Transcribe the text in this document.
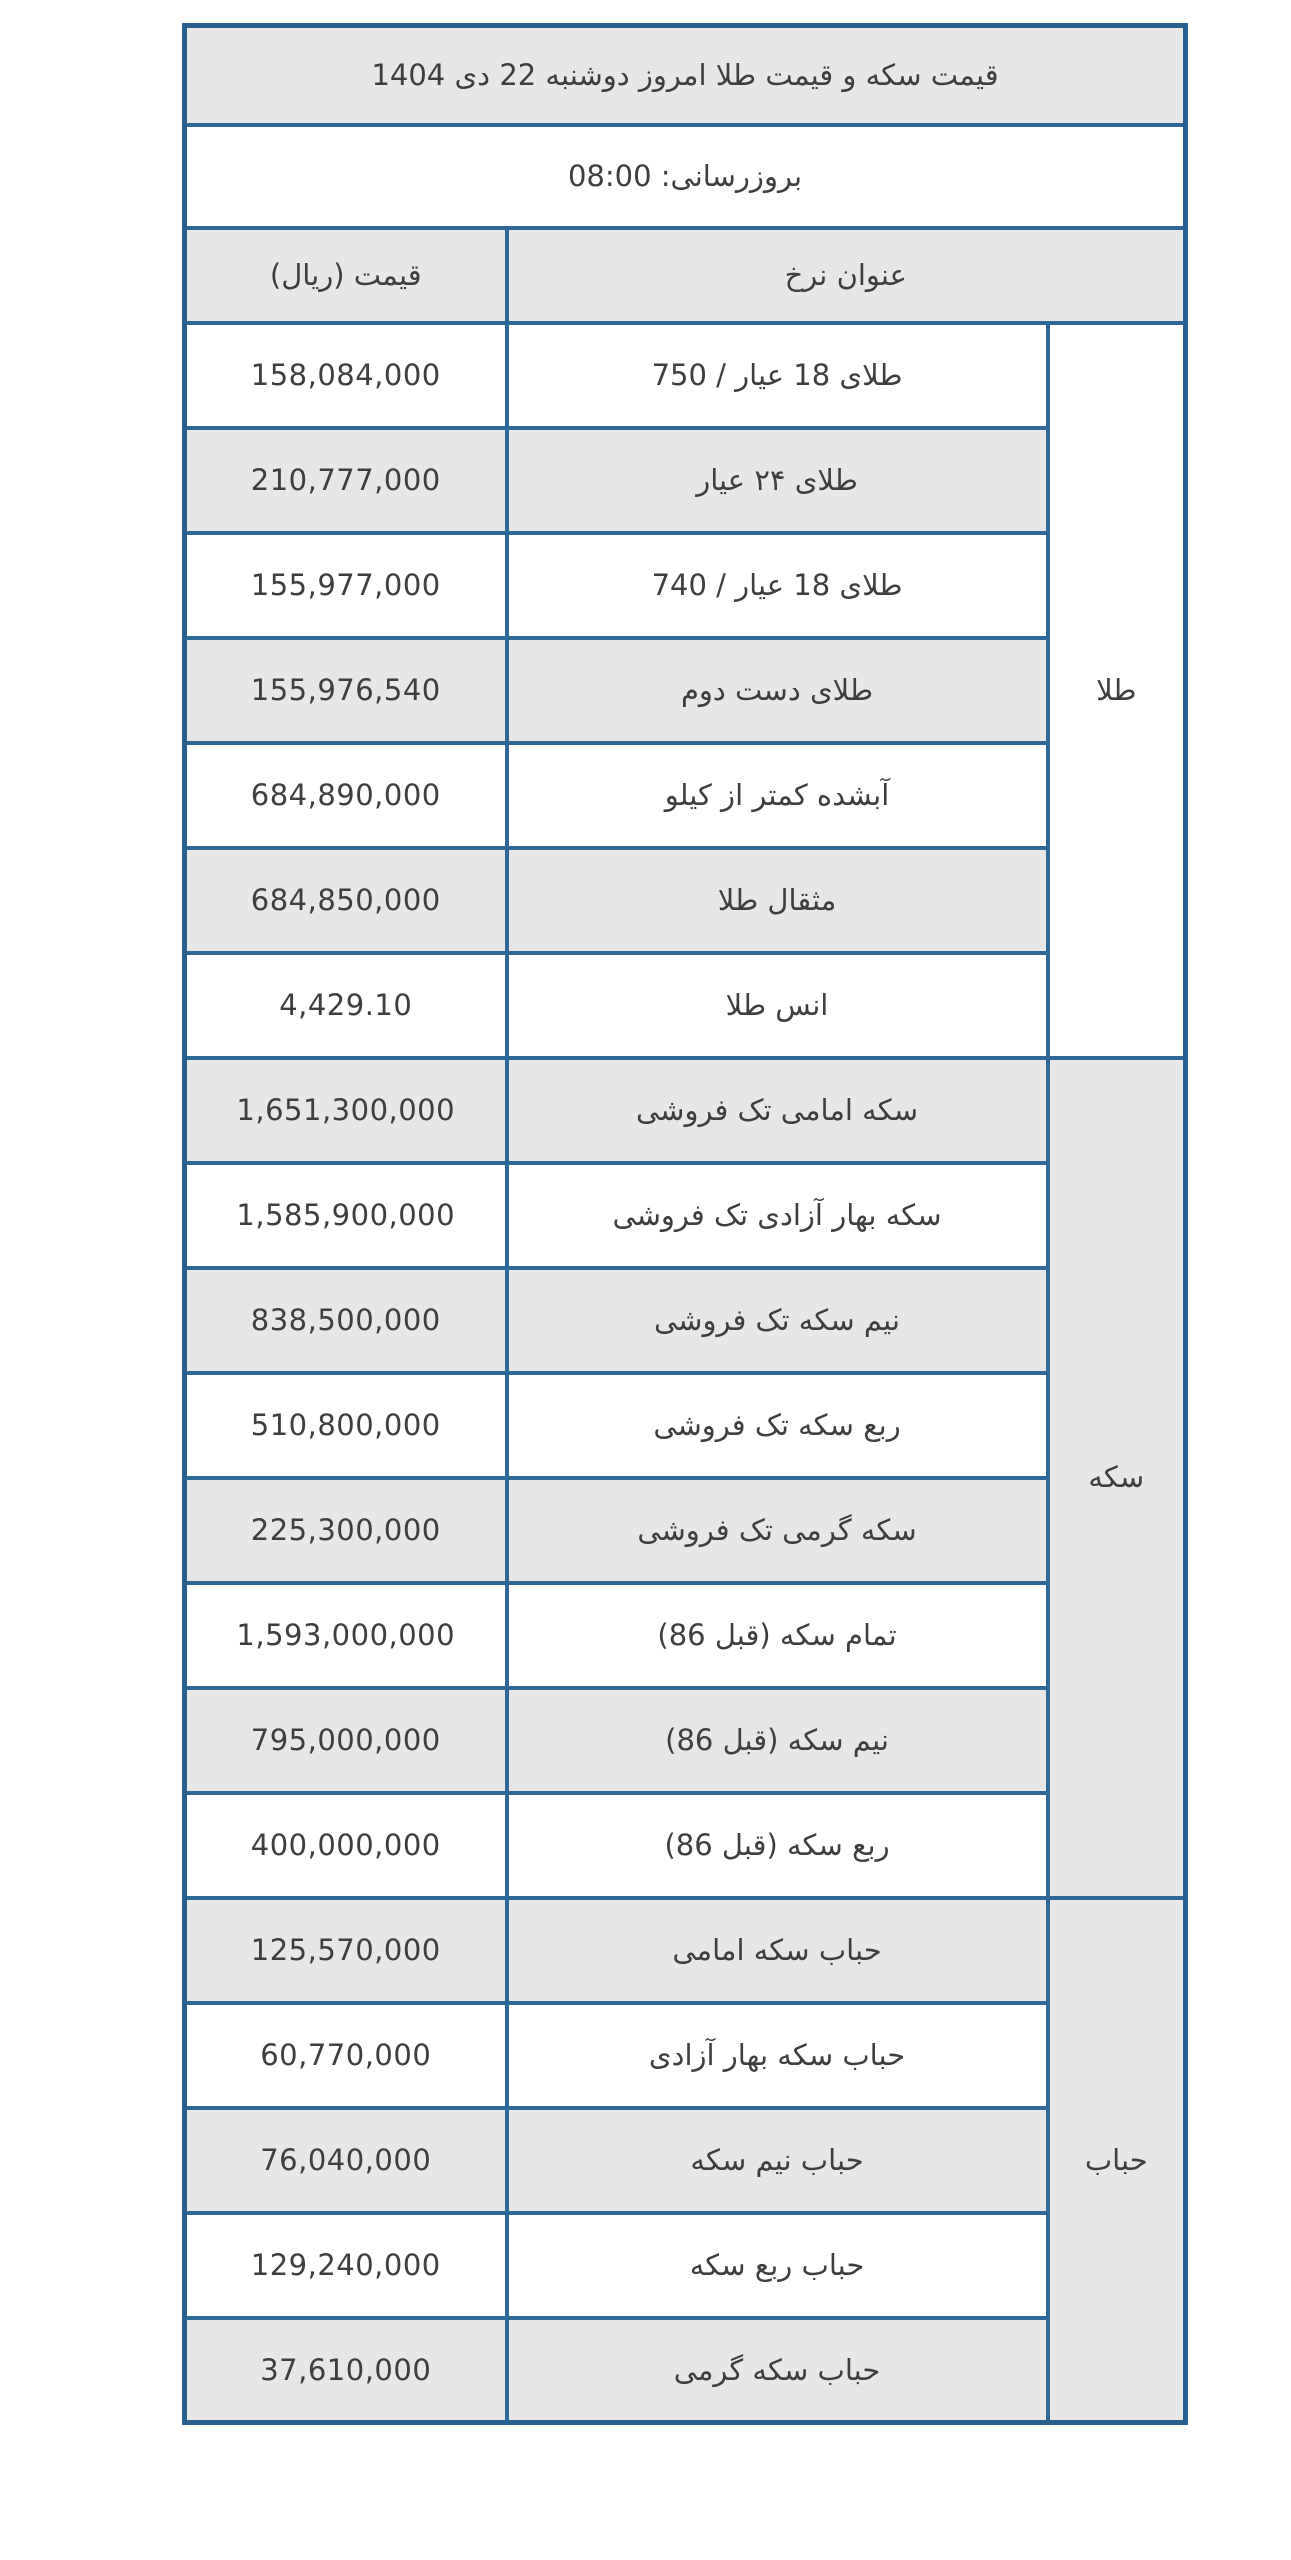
قیمت سکه و قیمت طلا امروز دوشنبه 22 دی 1404		
بروزرسانی: 08:00		
عنوان نرخ		قیمت (ریال)
طلا	طلای 18 عیار / 750	158,084,000
	طلای ۲۴ عیار	210,777,000
	طلای 18 عیار / 740	155,977,000
	طلای دست دوم	155,976,540
	آبشده کمتر از کیلو	684,890,000
	مثقال طلا	684,850,000
	انس طلا	4,429.10
سکه	سکه امامی تک فروشی	1,651,300,000
	سکه بهار آزادی تک فروشی	1,585,900,000
	نیم سکه تک فروشی	838,500,000
	ربع سکه تک فروشی	510,800,000
	سکه گرمی تک فروشی	225,300,000
	تمام سکه (قبل 86)	1,593,000,000
	نیم سکه (قبل 86)	795,000,000
	ربع سکه (قبل 86)	400,000,000
حباب	حباب سکه امامی	125,570,000
	حباب سکه بهار آزادی	60,770,000
	حباب نیم سکه	76,040,000
	حباب ربع سکه	129,240,000
	حباب سکه گرمی	37,610,000
